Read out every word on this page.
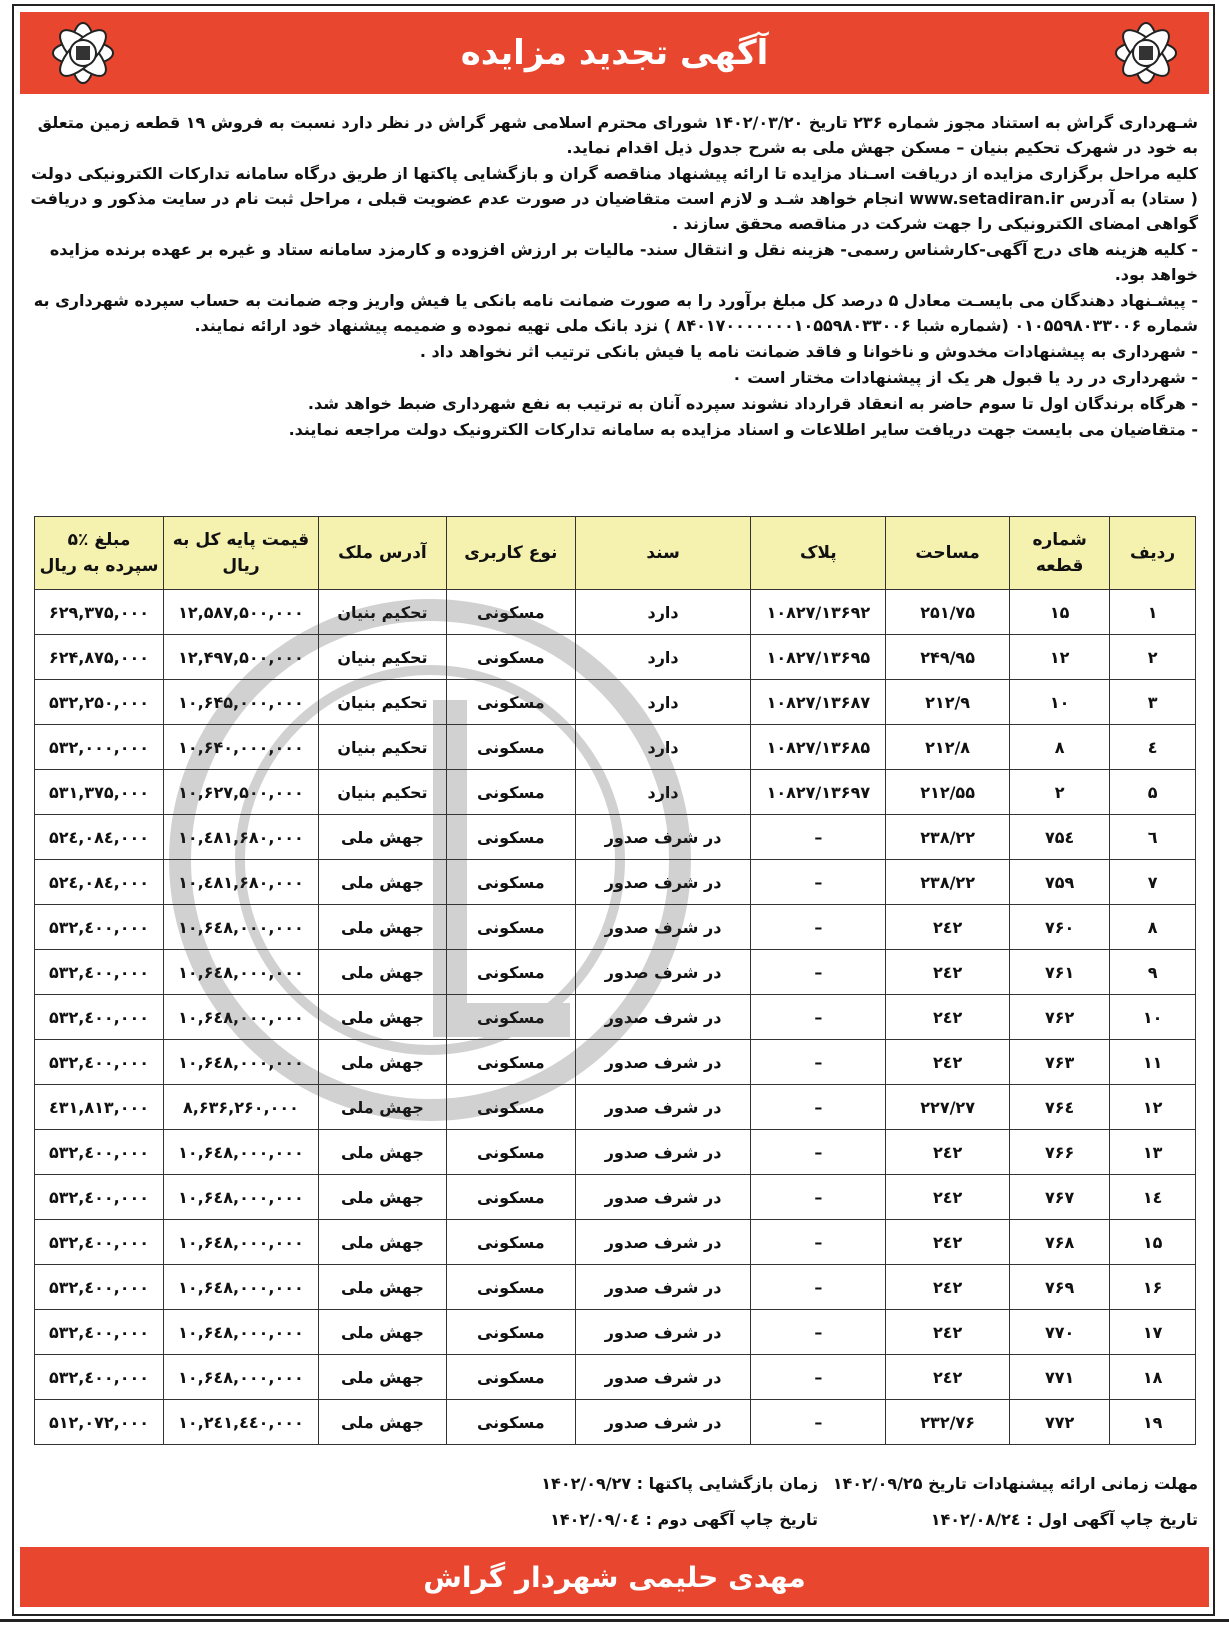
آگهی تجدید مزایده

شـهرداری گراش به استناد مجوز شماره ۲۳۶ تاریخ ۱۴۰۲/۰۳/۲۰ شورای محترم اسلامی شهر گراش در نظر دارد نسبت به فروش ۱۹ قطعه زمین متعلق به خود در شهرک تحکیم بنیان – مسکن جهش ملی به شرح جدول ذیل اقدام نماید.

کلیه مراحل برگزاری مزایده از دریافت اسـناد مزایده تا ارائه پیشنهاد مناقصه گران و بازگشایی پاکتها از طریق درگاه سامانه تدارکات الکترونیکی دولت ( ستاد) به آدرس www.setadiran.ir انجام خواهد شـد و لازم است متقاضیان در صورت عدم عضویت قبلی ، مراحل ثبت نام در سایت مذکور و دریافت گواهی امضای الکترونیکی را جهت شرکت در مناقصه محقق سازند .

- کلیه هزینه های درج آگهی-کارشناس رسمی- هزینه نقل و انتقال سند- مالیات بر ارزش افزوده و کارمزد سامانه ستاد و غیره بر عهده برنده مزایده خواهد بود.

- پیشـنهاد دهندگان می بایسـت معادل ۵ درصد کل مبلغ برآورد را به صورت ضمانت نامه بانکی یا فیش واریز وجه ضمانت به حساب سپرده شهرداری به شماره ۰۱۰۵۵۹۸۰۳۳۰۰۶ (شماره شبا ۸۴۰۱۷۰۰۰۰۰۰۰۱۰۵۵۹۸۰۳۳۰۰۶ ) نزد بانک ملی تهیه نموده و ضمیمه پیشنهاد خود ارائه نمایند.

- شهرداری به پیشنهادات مخدوش و ناخوانا و فاقد ضمانت نامه یا فیش بانکی ترتیب اثر نخواهد داد .

- شهرداری در رد یا قبول هر یک از پیشنهادات مختار است ۰

- هرگاه برندگان اول تا سوم حاضر به انعقاد قرارداد نشوند سپرده آنان به ترتیب به نفع شهرداری ضبط خواهد شد.

- متقاضیان می بایست جهت دریافت سایر اطلاعات و اسناد مزایده به سامانه تدارکات الکترونیک دولت مراجعه نمایند.

ردیف	شماره قطعه	مساحت	پلاک	سند	نوع کاربری	آدرس ملک	قیمت پایه کل به ریال	مبلغ ٪۵ سپرده به ریال
۱	۱۵	۲۵۱/۷۵	۱۰۸۲۷/۱۳۶۹۲	دارد	مسکونی	تحکیم بنیان	۱۲,۵۸۷,۵۰۰,۰۰۰	۶۲۹,۳۷۵,۰۰۰
۲	۱۲	۲۴۹/۹۵	۱۰۸۲۷/۱۳۶۹۵	دارد	مسکونی	تحکیم بنیان	۱۲,۴۹۷,۵۰۰,۰۰۰	۶۲۴,۸۷۵,۰۰۰
۳	۱۰	۲۱۲/۹	۱۰۸۲۷/۱۳۶۸۷	دارد	مسکونی	تحکیم بنیان	۱۰,۶۴۵,۰۰۰,۰۰۰	۵۳۲,۲۵۰,۰۰۰
٤	۸	۲۱۲/۸	۱۰۸۲۷/۱۳۶۸۵	دارد	مسکونی	تحکیم بنیان	۱۰,۶۴۰,۰۰۰,۰۰۰	۵۳۲,۰۰۰,۰۰۰
۵	۲	۲۱۲/۵۵	۱۰۸۲۷/۱۳۶۹۷	دارد	مسکونی	تحکیم بنیان	۱۰,۶۲۷,۵۰۰,۰۰۰	۵۳۱,۳۷۵,۰۰۰
٦	۷۵٤	۲۳۸/۲۲	–	در شرف صدور	مسکونی	جهش ملی	۱۰,٤۸۱,۶۸۰,۰۰۰	۵۲٤,۰۸٤,۰۰۰
۷	۷۵۹	۲۳۸/۲۲	–	در شرف صدور	مسکونی	جهش ملی	۱۰,٤۸۱,۶۸۰,۰۰۰	۵۲٤,۰۸٤,۰۰۰
۸	۷۶۰	۲٤۲	–	در شرف صدور	مسکونی	جهش ملی	۱۰,۶٤۸,۰۰۰,۰۰۰	۵۳۲,٤۰۰,۰۰۰
۹	۷۶۱	۲٤۲	–	در شرف صدور	مسکونی	جهش ملی	۱۰,۶٤۸,۰۰۰,۰۰۰	۵۳۲,٤۰۰,۰۰۰
۱۰	۷۶۲	۲٤۲	–	در شرف صدور	مسکونی	جهش ملی	۱۰,۶٤۸,۰۰۰,۰۰۰	۵۳۲,٤۰۰,۰۰۰
۱۱	۷۶۳	۲٤۲	–	در شرف صدور	مسکونی	جهش ملی	۱۰,۶٤۸,۰۰۰,۰۰۰	۵۳۲,٤۰۰,۰۰۰
۱۲	۷۶٤	۲۲۷/۲۷	–	در شرف صدور	مسکونی	جهش ملی	۸,۶۳۶,۲۶۰,۰۰۰	٤۳۱,۸۱۳,۰۰۰
۱۳	۷۶۶	۲٤۲	–	در شرف صدور	مسکونی	جهش ملی	۱۰,۶٤۸,۰۰۰,۰۰۰	۵۳۲,٤۰۰,۰۰۰
۱٤	۷۶۷	۲٤۲	–	در شرف صدور	مسکونی	جهش ملی	۱۰,۶٤۸,۰۰۰,۰۰۰	۵۳۲,٤۰۰,۰۰۰
۱۵	۷۶۸	۲٤۲	–	در شرف صدور	مسکونی	جهش ملی	۱۰,۶٤۸,۰۰۰,۰۰۰	۵۳۲,٤۰۰,۰۰۰
۱۶	۷۶۹	۲٤۲	–	در شرف صدور	مسکونی	جهش ملی	۱۰,۶٤۸,۰۰۰,۰۰۰	۵۳۲,٤۰۰,۰۰۰
۱۷	۷۷۰	۲٤۲	–	در شرف صدور	مسکونی	جهش ملی	۱۰,۶٤۸,۰۰۰,۰۰۰	۵۳۲,٤۰۰,۰۰۰
۱۸	۷۷۱	۲٤۲	–	در شرف صدور	مسکونی	جهش ملی	۱۰,۶٤۸,۰۰۰,۰۰۰	۵۳۲,٤۰۰,۰۰۰
۱۹	۷۷۲	۲۳۲/۷۶	–	در شرف صدور	مسکونی	جهش ملی	۱۰,۲٤۱,٤٤۰,۰۰۰	۵۱۲,۰۷۲,۰۰۰
مهلت زمانی ارائه پیشنهادات تاریخ ۱۴۰۲/۰۹/۲۵
زمان بازگشایی پاکتها : ۱۴۰۲/۰۹/۲۷
تاریخ چاپ آگهی اول : ۱۴۰۲/۰۸/۲٤
تاریخ چاپ آگهی دوم : ۱۴۰۲/۰۹/۰٤
مهدی حلیمی شهردار گراش
